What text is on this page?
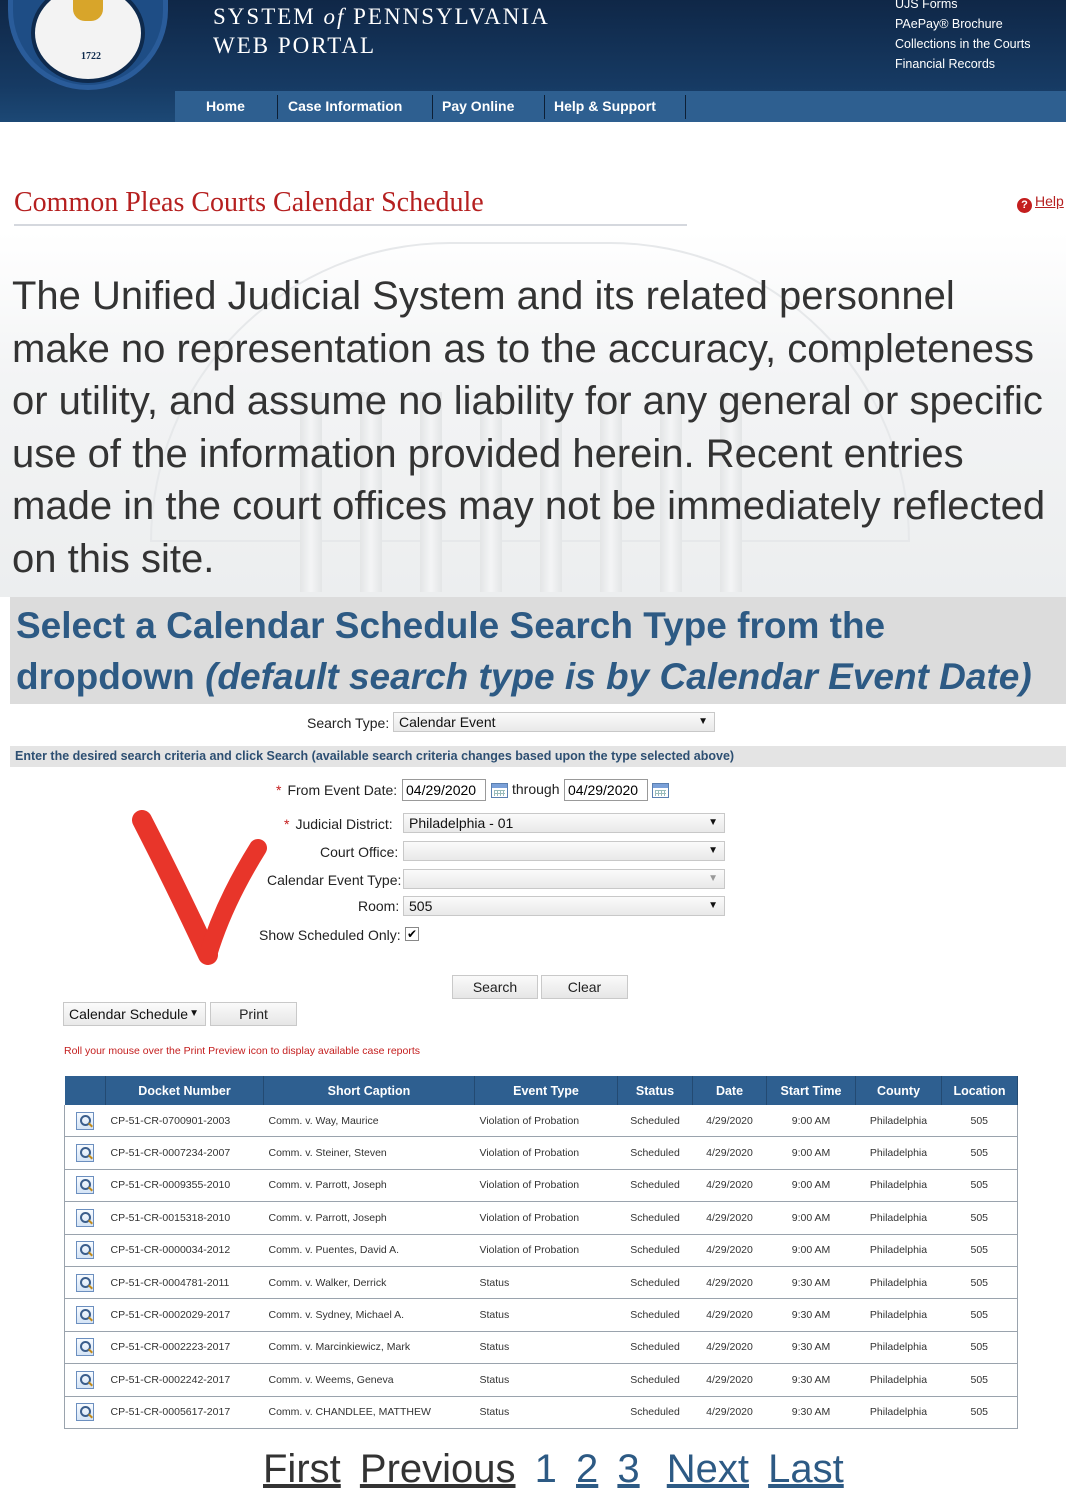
1722
SYSTEM of PENNSYLVANIA
WEB PORTAL
UJS Forms
PAePay® Brochure
Collections in the Courts
Financial Records
Home	Case Information	Pay Online	Help & Support
Common Pleas Courts Calendar Schedule	? Help
The Unified Judicial System and its related personnel make no representation as to the accuracy, completeness or utility, and assume no liability for any general or specific use of the information provided herein. Recent entries made in the court offices may not be immediately reflected on this site.
Select a Calendar Schedule Search Type from the dropdown (default search type is by Calendar Event Date)
Search Type: Calendar Event	▼
Enter the desired search criteria and click Search (available search criteria changes based upon the type selected above)
* From Event Date: 04/29/2020	through 04/29/2020
* Judicial District:	Philadelphia - 01	▼
Court Office:	▼
Calendar Event Type:	▼
Room: 505	▼
Show Scheduled Only: ✔
Search	Clear
Calendar Schedule ▼	Print
Roll your mouse over the Print Preview icon to display available case reports
	Docket Number	Short Caption	Event Type	Status	Date	Start Time	County	Location
	CP-51-CR-0700901-2003	Comm. v. Way, Maurice	Violation of Probation	Scheduled	4/29/2020	9:00 AM	Philadelphia	505
	CP-51-CR-0007234-2007	Comm. v. Steiner, Steven	Violation of Probation	Scheduled	4/29/2020	9:00 AM	Philadelphia	505
	CP-51-CR-0009355-2010	Comm. v. Parrott, Joseph	Violation of Probation	Scheduled	4/29/2020	9:00 AM	Philadelphia	505
	CP-51-CR-0015318-2010	Comm. v. Parrott, Joseph	Violation of Probation	Scheduled	4/29/2020	9:00 AM	Philadelphia	505
	CP-51-CR-0000034-2012	Comm. v. Puentes, David A.	Violation of Probation	Scheduled	4/29/2020	9:00 AM	Philadelphia	505
	CP-51-CR-0004781-2011	Comm. v. Walker, Derrick	Status	Scheduled	4/29/2020	9:30 AM	Philadelphia	505
	CP-51-CR-0002029-2017	Comm. v. Sydney, Michael A.	Status	Scheduled	4/29/2020	9:30 AM	Philadelphia	505
	CP-51-CR-0002223-2017	Comm. v. Marcinkiewicz, Mark	Status	Scheduled	4/29/2020	9:30 AM	Philadelphia	505
	CP-51-CR-0002242-2017	Comm. v. Weems, Geneva	Status	Scheduled	4/29/2020	9:30 AM	Philadelphia	505
	CP-51-CR-0005617-2017	Comm. v. CHANDLEE, MATTHEW	Status	Scheduled	4/29/2020	9:30 AM	Philadelphia	505
First Previous 1 2 3 Next Last
